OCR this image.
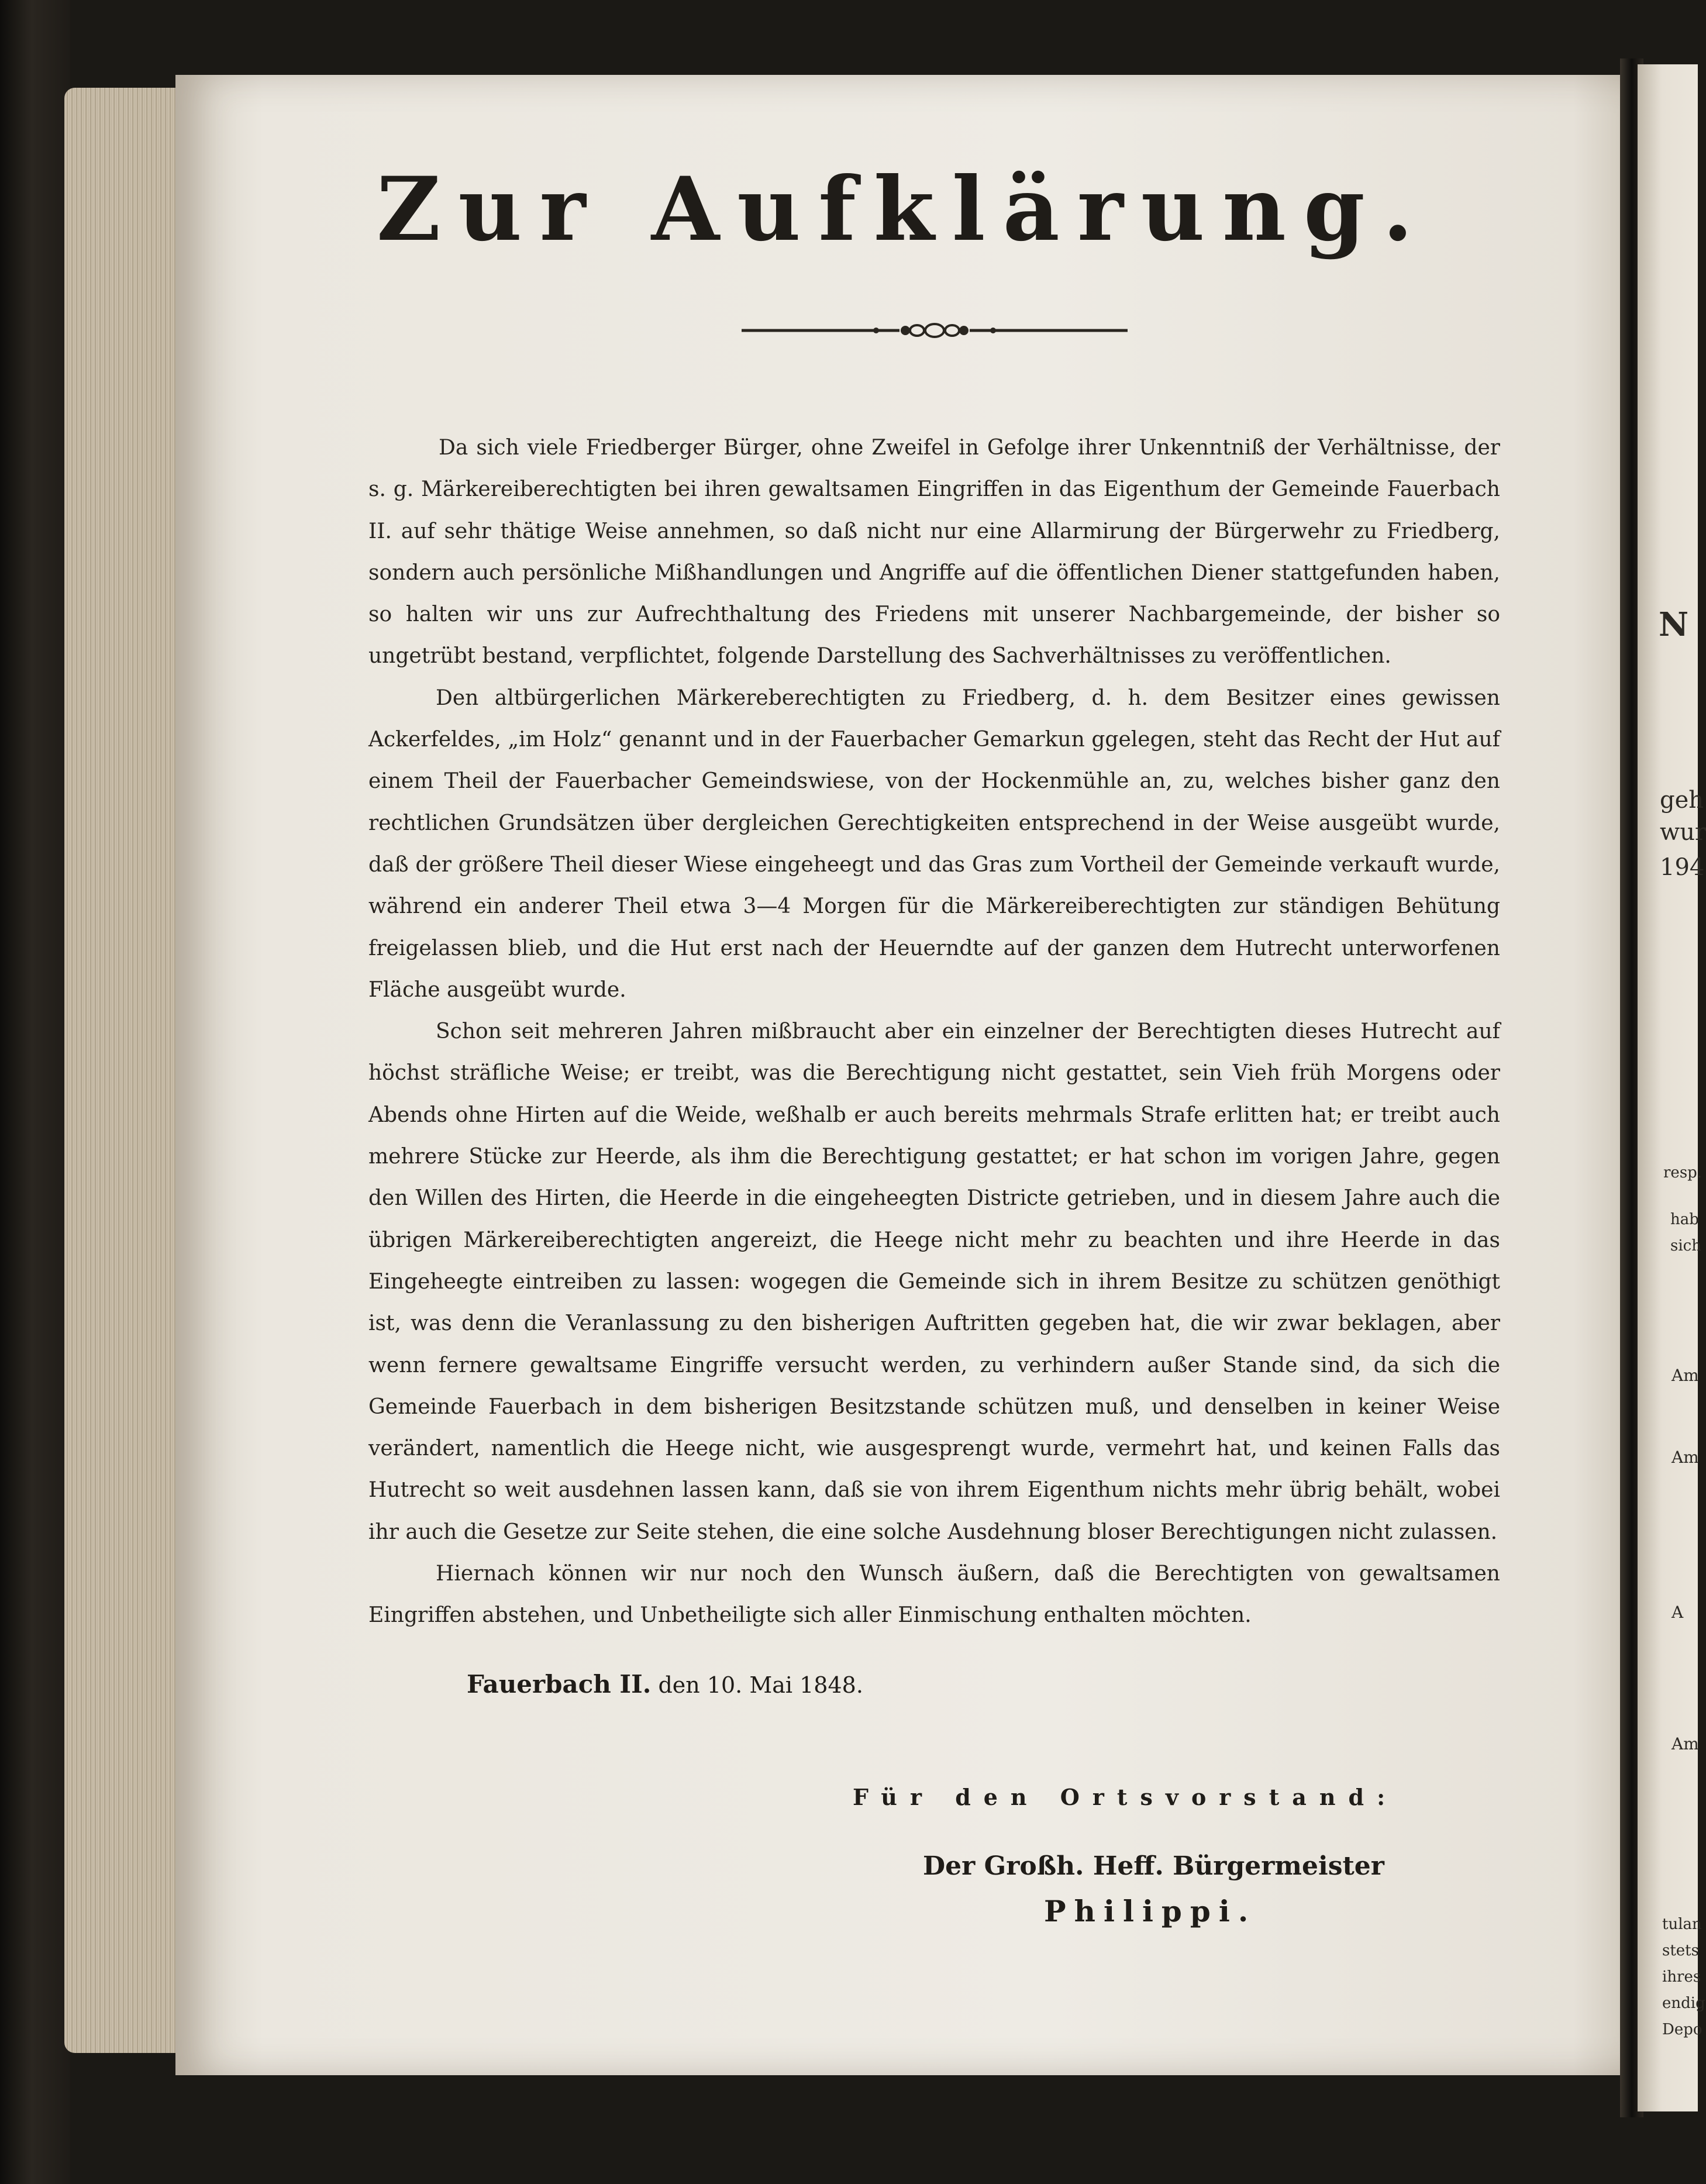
N
geh
wur
194
resp.
hab
sich
Am
Am
A
Am
tulan
stets
ihres
endig
Depo
Zur Aufklärung.

Da sich viele Friedberger Bürger, ohne Zweifel in Gefolge ihrer Unkenntniß der Verhältnisse, der s. g. Märkereiberechtigten bei ihren gewaltsamen Eingriffen in das Eigenthum der Gemeinde Fauerbach II. auf sehr thätige Weise annehmen, so daß nicht nur eine Allarmirung der Bürgerwehr zu Friedberg, sondern auch persönliche Mißhandlungen und Angriffe auf die öffentlichen Diener stattgefunden haben, so halten wir uns zur Aufrechthaltung des Friedens mit unserer Nachbargemeinde, der bisher so ungetrübt bestand, verpflichtet, folgende Darstellung des Sachverhältnisses zu veröffentlichen.

Den altbürgerlichen Märkereberechtigten zu Friedberg, d. h. dem Besitzer eines gewissen Ackerfeldes, „im Holz“ genannt und in der Fauerbacher Gemarkun ggelegen, steht das Recht der Hut auf einem Theil der Fauerbacher Gemeindswiese, von der Hockenmühle an, zu, welches bisher ganz den rechtlichen Grundsätzen über dergleichen Gerechtigkeiten entsprechend in der Weise ausgeübt wurde, daß der größere Theil dieser Wiese eingeheegt und das Gras zum Vortheil der Gemeinde verkauft wurde, während ein anderer Theil etwa 3—4 Morgen für die Märkereiberechtigten zur ständigen Behütung freigelassen blieb, und die Hut erst nach der Heuerndte auf der ganzen dem Hutrecht unterworfenen Fläche ausgeübt wurde.

Schon seit mehreren Jahren mißbraucht aber ein einzelner der Berechtigten dieses Hutrecht auf höchst sträfliche Weise; er treibt, was die Berechtigung nicht gestattet, sein Vieh früh Morgens oder Abends ohne Hirten auf die Weide, weßhalb er auch bereits mehrmals Strafe erlitten hat; er treibt auch mehrere Stücke zur Heerde, als ihm die Berechtigung gestattet; er hat schon im vorigen Jahre, gegen den Willen des Hirten, die Heerde in die eingeheegten Districte getrieben, und in diesem Jahre auch die übrigen Märkereiberechtigten angereizt, die Heege nicht mehr zu beachten und ihre Heerde in das Eingeheegte eintreiben zu lassen: wogegen die Gemeinde sich in ihrem Besitze zu schützen genöthigt ist, was denn die Veranlassung zu den bisherigen Auftritten gegeben hat, die wir zwar beklagen, aber wenn fernere gewaltsame Eingriffe versucht werden, zu verhindern außer Stande sind, da sich die Gemeinde Fauerbach in dem bisherigen Besitzstande schützen muß, und denselben in keiner Weise verändert, namentlich die Heege nicht, wie ausgesprengt wurde, vermehrt hat, und keinen Falls das Hutrecht so weit ausdehnen lassen kann, daß sie von ihrem Eigenthum nichts mehr übrig behält, wobei ihr auch die Gesetze zur Seite stehen, die eine solche Ausdehnung bloser Berechtigungen nicht zulassen.

Hiernach können wir nur noch den Wunsch äußern, daß die Berechtigten von gewaltsamen Eingriffen abstehen, und Unbetheiligte sich aller Einmischung enthalten möchten.

Fauerbach II. den 10. Mai 1848.
Für den Ortsvorstand:
Der Großh. Heff. Bürgermeister
Philippi.
